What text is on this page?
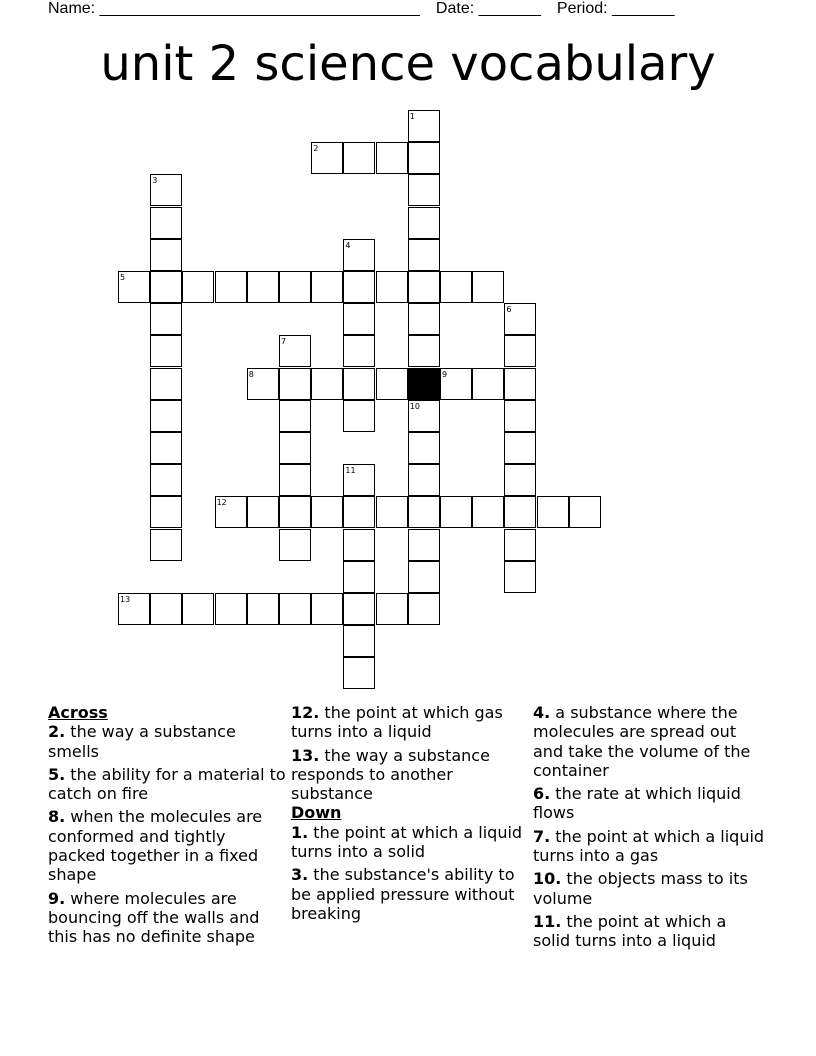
Name: ____________________________________ Date: _______ Period: _______
unit 2 science vocabulary
1
2
3
4
5
6
7
8	9
10
11
12
13
Across
2. the way a substance smells
5. the ability for a material to catch on fire
8. when the molecules are conformed and tightly packed together in a fixed shape
9. where molecules are bouncing off the walls and this has no definite shape
12. the point at which gas turns into a liquid
13. the way a substance responds to another substance
Down
1. the point at which a liquid turns into a solid
3. the substance's ability to be applied pressure without breaking
4. a substance where the molecules are spread out and take the volume of the container
6. the rate at which liquid flows
7. the point at which a liquid turns into a gas
10. the objects mass to its volume
11. the point at which a solid turns into a liquid
